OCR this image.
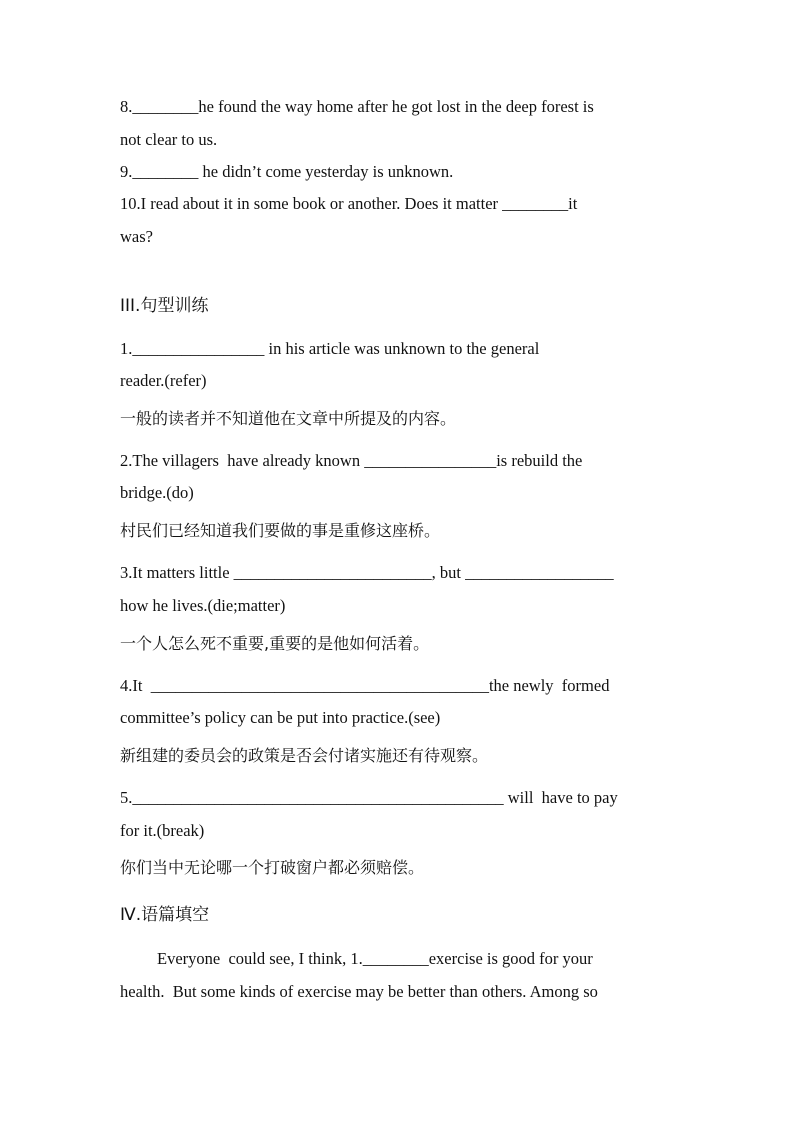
8.________he found the way home after he got lost in the deep forest is
not clear to us.
9.________ he didn’t come yesterday is unknown.
10.I read about it in some book or another. Does it matter ________it
was?
III.句型训练
1.________________ in his article was unknown to the general
reader.(refer)
一般的读者并不知道他在文章中所提及的内容。
2.The villagers  have already known ________________is rebuild the
bridge.(do)
村民们已经知道我们要做的事是重修这座桥。
3.It matters little ________________________, but __________________
how he lives.(die;matter)
一个人怎么死不重要,重要的是他如何活着。
4.It  _________________________________________the newly  formed
committee’s policy can be put into practice.(see)
新组建的委员会的政策是否会付诸实施还有待观察。
5._____________________________________________ will  have to pay
for it.(break)
你们当中无论哪一个打破窗户都必须赔偿。
Ⅳ.语篇填空
Everyone  could see, I think, 1.________exercise is good for your
health.  But some kinds of exercise may be better than others. Among so
